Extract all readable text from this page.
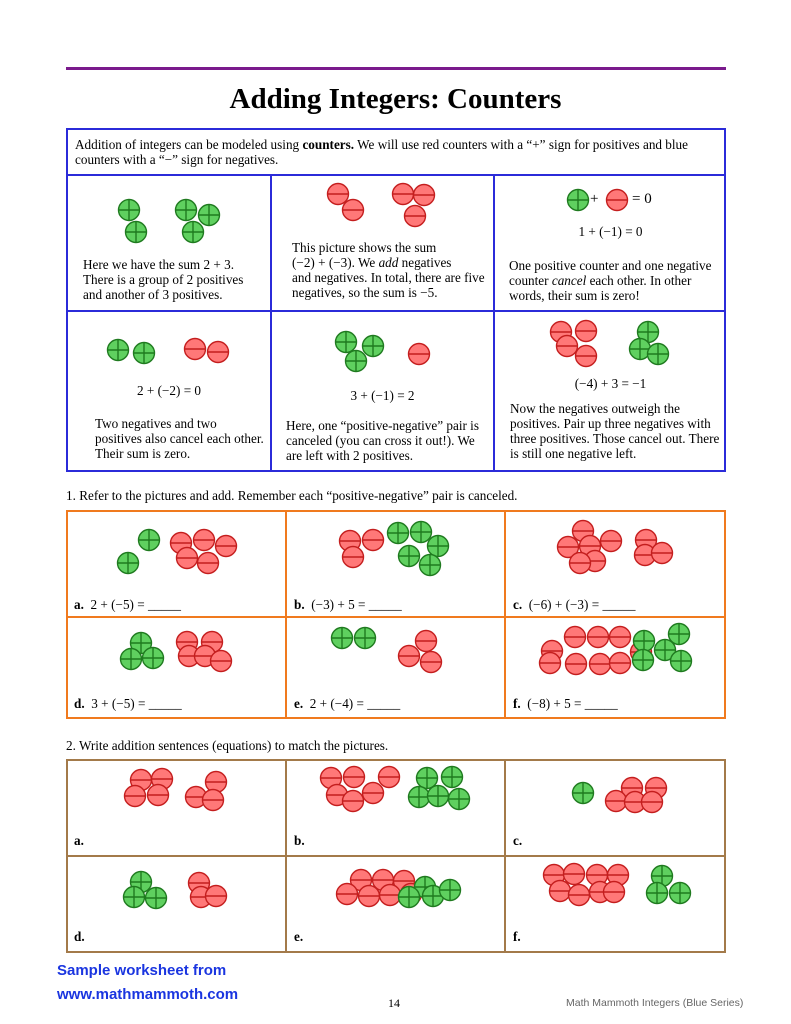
Adding Integers: Counters
Addition of integers can be modeled using counters. We will use red counters with a “+” sign for positives and blue counters with a “−” sign for negatives.
Here we have the sum 2 + 3. There is a group of 2 positives and another of 3 positives.
This picture shows the sum
(−2) + (−3). We add negatives
and negatives. In total, there are five negatives, so the sum is −5.
+ = 0
1 + (−1) = 0
One positive counter and one negative counter cancel each other. In other words, their sum is zero!
2 + (−2) = 0
Two negatives and two positives also cancel each other. Their sum is zero.
3 + (−1) = 2
Here, one “positive-negative” pair is canceled (you can cross it out!). We are left with 2 positives.
(−4) + 3 = −1
Now the negatives outweigh the positives. Pair up three negatives with three positives. Those cancel out. There is still one negative left.
1. Refer to the pictures and add. Remember each “positive-negative” pair is canceled.
a. 2 + (−5) = _____	b. (−3) + 5 = _____	c. (−6) + (−3) = _____
d. 3 + (−5) = _____	e. 2 + (−4) = _____	f. (−8) + 5 = _____
2. Write addition sentences (equations) to match the pictures.
a.	b.	c.
d.	e.	f.
Sample worksheet from
www.mathmammoth.com	14	Math Mammoth Integers (Blue Series)
